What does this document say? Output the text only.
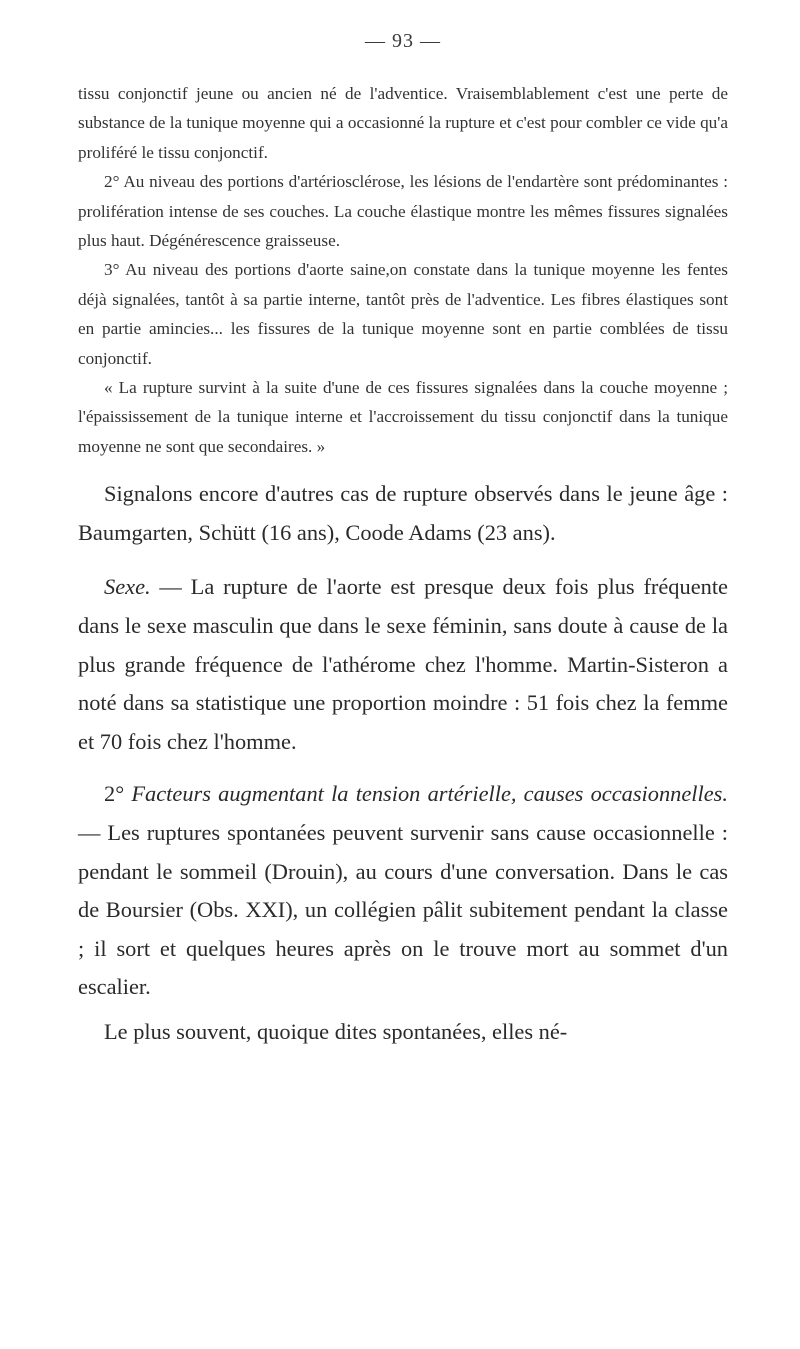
— 93 —

tissu conjonctif jeune ou ancien né de l'adventice. Vraisemblablement c'est une perte de substance de la tunique moyenne qui a occasionné la rupture et c'est pour combler ce vide qu'a proliféré le tissu conjonctif.

2° Au niveau des portions d'artériosclérose, les lésions de l'endartère sont prédominantes : prolifération intense de ses couches. La couche élastique montre les mêmes fissures signalées plus haut. Dégénérescence graisseuse.

3° Au niveau des portions d'aorte saine,on constate dans la tunique moyenne les fentes déjà signalées, tantôt à sa partie interne, tantôt près de l'adventice. Les fibres élastiques sont en partie amincies... les fissures de la tunique moyenne sont en partie comblées de tissu conjonctif.

« La rupture survint à la suite d'une de ces fissures signalées dans la couche moyenne ; l'épaississement de la tunique interne et l'accroissement du tissu conjonctif dans la tunique moyenne ne sont que secondaires. »

Signalons encore d'autres cas de rupture observés dans le jeune âge : Baumgarten, Schütt (16 ans), Coode Adams (23 ans).

Sexe. — La rupture de l'aorte est presque deux fois plus fréquente dans le sexe masculin que dans le sexe féminin, sans doute à cause de la plus grande fréquence de l'athérome chez l'homme. Martin-Sisteron a noté dans sa statistique une proportion moindre : 51 fois chez la femme et 70 fois chez l'homme.

2° Facteurs augmentant la tension artérielle, causes occasionnelles. — Les ruptures spontanées peuvent survenir sans cause occasionnelle : pendant le sommeil (Drouin), au cours d'une conversation. Dans le cas de Boursier (Obs. XXI), un collégien pâlit subitement pendant la classe ; il sort et quelques heures après on le trouve mort au sommet d'un escalier.

Le plus souvent, quoique dites spontanées, elles né-
